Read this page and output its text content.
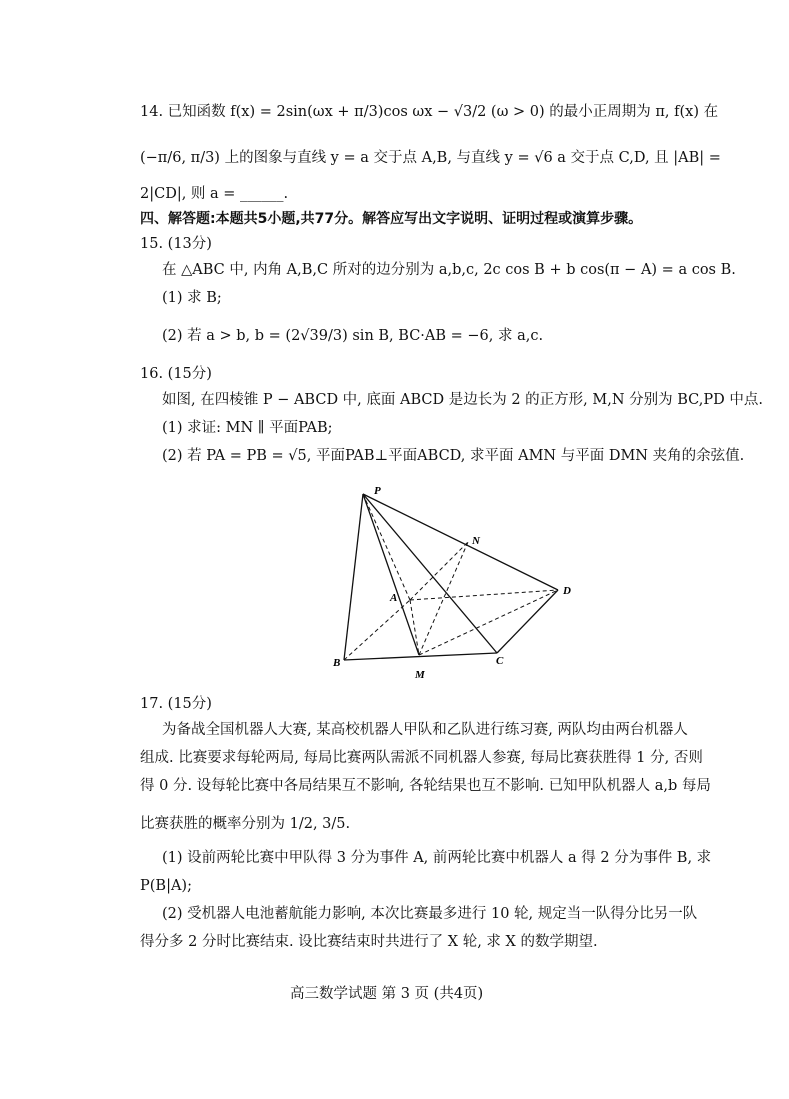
14. 已知函数 f(x) = 2sin(ωx + π/3)cos ωx − √3/2 (ω > 0) 的最小正周期为 π, f(x) 在
(−π/6, π/3) 上的图象与直线 y = a 交于点 A,B, 与直线 y = √6 a 交于点 C,D, 且 |AB| =
2|CD|, 则 a = ______.
四、解答题:本题共5小题,共77分。解答应写出文字说明、证明过程或演算步骤。
15. (13分)
在 △ABC 中, 内角 A,B,C 所对的边分别为 a,b,c, 2c cos B + b cos(π − A) = a cos B.
(1) 求 B;
(2) 若 a > b, b = (2√39/3) sin B, BC·AB = −6, 求 a,c.
16. (15分)
如图, 在四棱锥 P − ABCD 中, 底面 ABCD 是边长为 2 的正方形, M,N 分别为 BC,PD 中点.
(1) 求证: MN ∥ 平面PAB;
(2) 若 PA = PB = √5, 平面PAB⊥平面ABCD, 求平面 AMN 与平面 DMN 夹角的余弦值.
P
N
A
D
B
M
C
17. (15分)
为备战全国机器人大赛, 某高校机器人甲队和乙队进行练习赛, 两队均由两台机器人
组成. 比赛要求每轮两局, 每局比赛两队需派不同机器人参赛, 每局比赛获胜得 1 分, 否则
得 0 分. 设每轮比赛中各局结果互不影响, 各轮结果也互不影响. 已知甲队机器人 a,b 每局
比赛获胜的概率分别为 1/2, 3/5.
(1) 设前两轮比赛中甲队得 3 分为事件 A, 前两轮比赛中机器人 a 得 2 分为事件 B, 求
P(B|A);
(2) 受机器人电池蓄航能力影响, 本次比赛最多进行 10 轮, 规定当一队得分比另一队
得分多 2 分时比赛结束. 设比赛结束时共进行了 X 轮, 求 X 的数学期望.
高三数学试题 第 3 页 (共4页)
